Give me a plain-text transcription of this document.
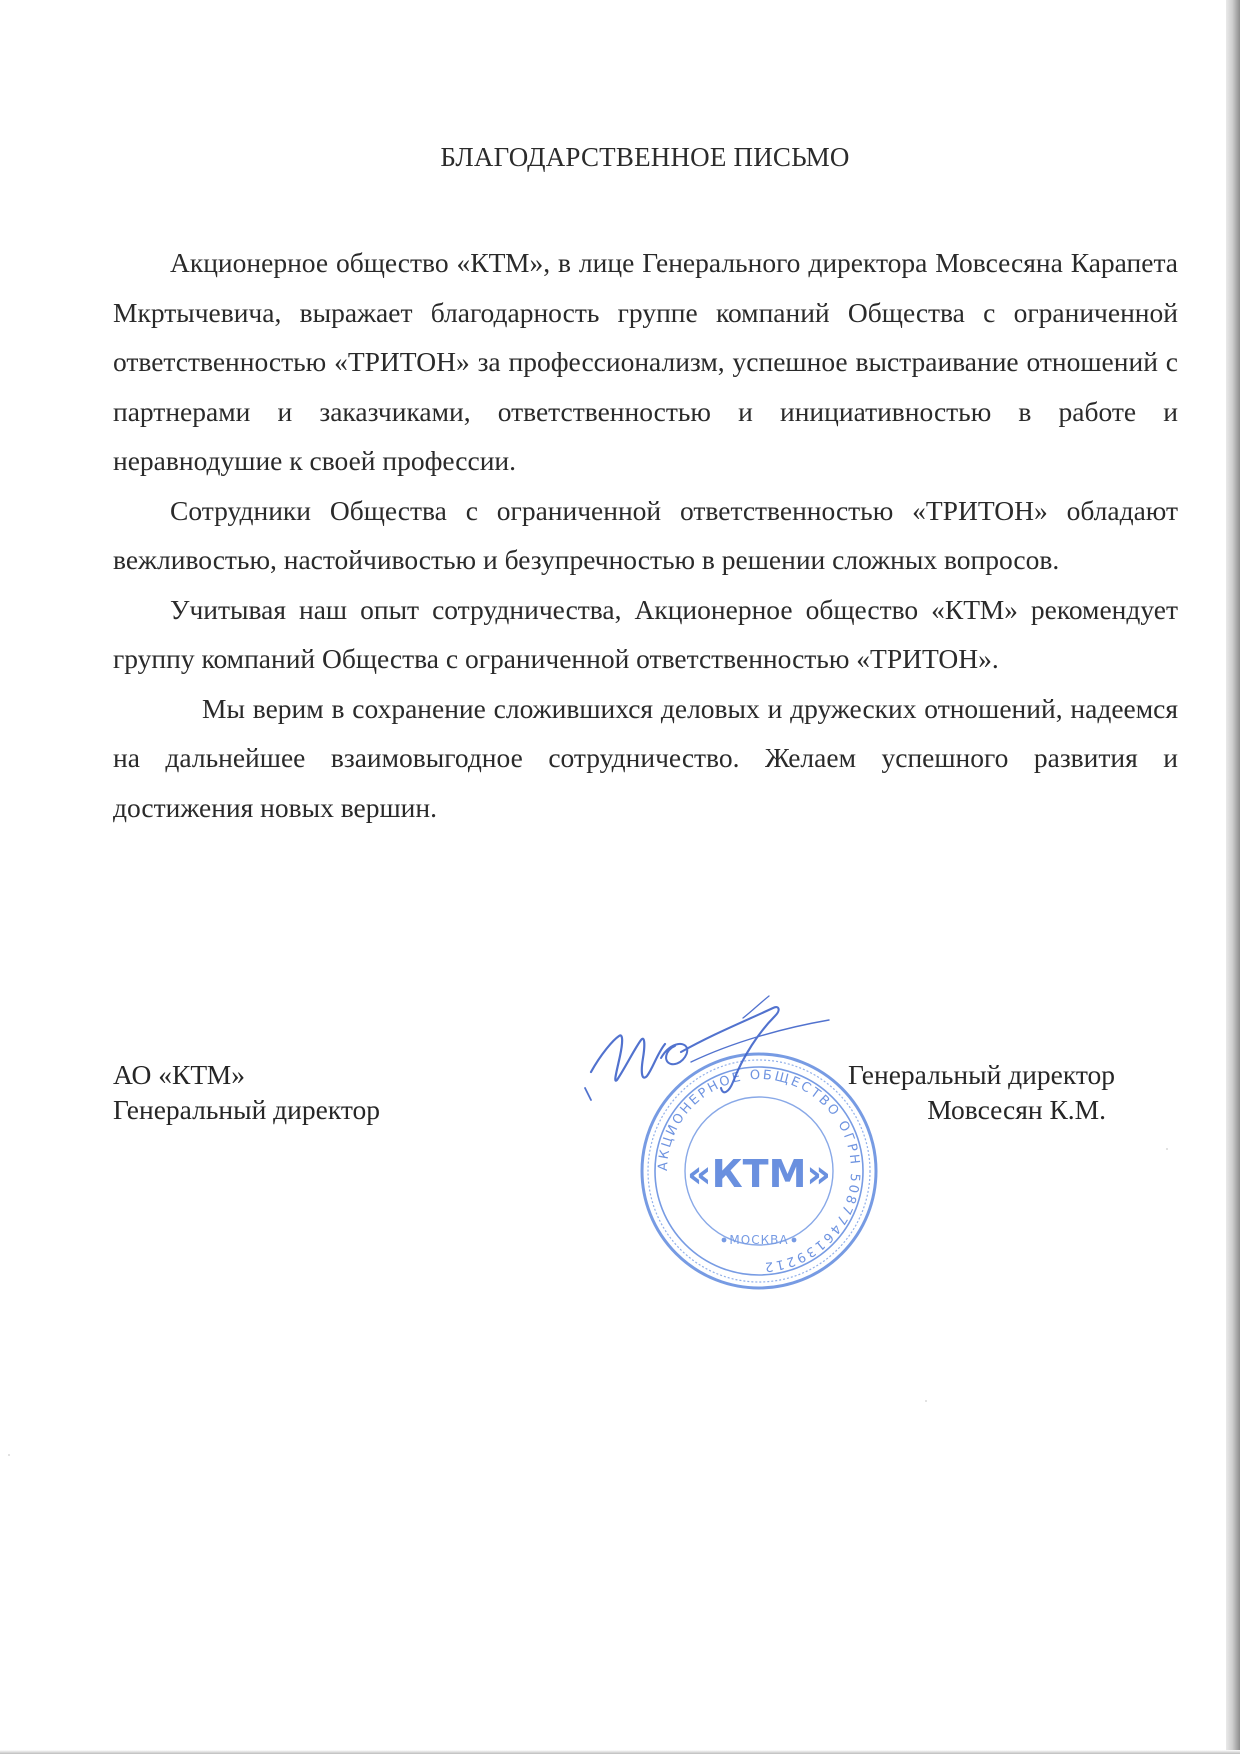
БЛАГОДАРСТВЕННОЕ ПИСЬМО

Акционерное общество «КТМ», в лице Генерального директора Мовсесяна Карапета Мкртычевича, выражает благодарность группе компаний Общества с ограниченной ответственностью «ТРИТОН» за профессионализм, успешное выстраивание отношений с партнерами и заказчиками, ответственностью и инициативностью в работе и неравнодушие к своей профессии.

Сотрудники Общества с ограниченной ответственностью «ТРИТОН» обладают вежливостью, настойчивостью и безупречностью в решении сложных вопросов.

Учитывая наш опыт сотрудничества, Акционерное общество «КТМ» рекомендует группу компаний Общества с ограниченной ответственностью «ТРИТОН».

Мы верим в сохранение сложившихся деловых и дружеских отношений, надеемся на дальнейшее взаимовыгодное сотрудничество. Желаем успешного развития и достижения новых вершин.

АО «КТМ»
Генеральный директор
Генеральный директор
Мовсесян К.М.
АКЦИОНЕРНОЕ ОБЩЕСТВО ОГРН 5087746139212
«КТМ»
МОСКВА
